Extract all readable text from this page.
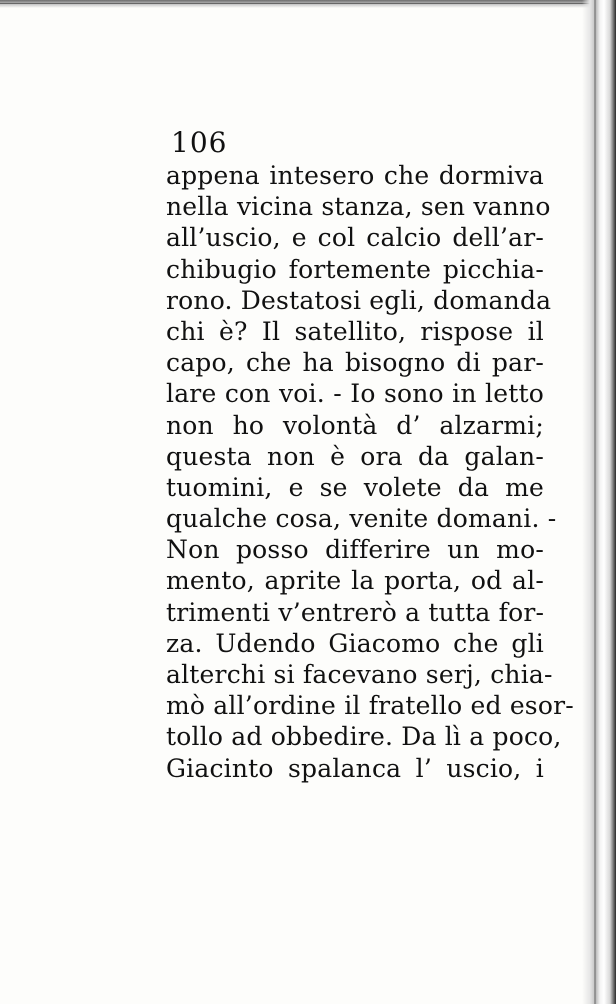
106
appena intesero che dormiva
nella vicina stanza, sen vanno
all’uscio, e col calcio dell’ar-
chibugio fortemente picchia-
rono. Destatosi egli, domanda
chi è? Il satellito, rispose il
capo, che ha bisogno di par-
lare con voi. - Io sono in letto
non ho volontà d’ alzarmi;
questa non è ora da galan-
tuomini, e se volete da me
qualche cosa, venite domani. -
Non posso differire un mo-
mento, aprite la porta, od al-
trimenti v’entrerò a tutta for-
za. Udendo Giacomo che gli
alterchi si facevano serj, chia-
mò all’ordine il fratello ed esor-
tollo ad obbedire. Da lì a poco,
Giacinto spalanca l’ uscio, i
